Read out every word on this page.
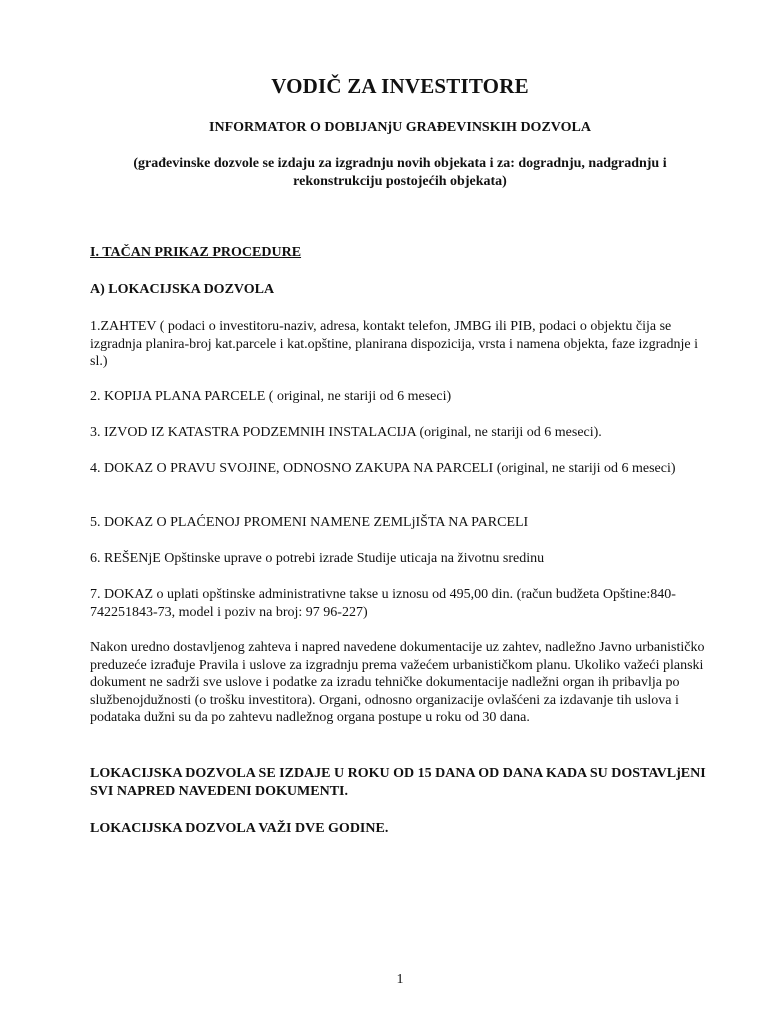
VODIČ ZA INVESTITORE
INFORMATOR O DOBIJANjU GRAĐEVINSKIH DOZVOLA
(građevinske dozvole se izdaju za izgradnju novih objekata i za: dogradnju, nadgradnju i rekonstrukciju postojećih objekata)
I. TAČAN PRIKAZ PROCEDURE
A) LOKACIJSKA DOZVOLA
1.ZAHTEV ( podaci o investitoru-naziv, adresa, kontakt telefon, JMBG ili PIB, podaci o objektu čija se izgradnja planira-broj kat.parcele i kat.opštine, planirana dispozicija, vrsta i namena objekta, faze izgradnje i sl.)
2. KOPIJA PLANA PARCELE ( original, ne stariji od 6 meseci)
3. IZVOD IZ KATASTRA PODZEMNIH INSTALACIJA (original, ne stariji od 6 meseci).
4. DOKAZ O PRAVU SVOJINE, ODNOSNO ZAKUPA NA PARCELI (original, ne stariji od 6 meseci)
5. DOKAZ O PLAĆENOJ PROMENI NAMENE ZEMLjIŠTA NA PARCELI
6. REŠENjE Opštinske uprave o potrebi izrade Studije uticaja na životnu sredinu
7. DOKAZ o uplati opštinske administrativne takse u iznosu od 495,00 din. (račun budžeta Opštine:840-742251843-73, model i poziv na broj: 97 96-227)
Nakon uredno dostavljenog zahteva i napred navedene dokumentacije uz zahtev, nadležno Javno urbanističko preduzeće izrađuje Pravila i uslove za izgradnju prema važećem urbanističkom planu. Ukoliko važeći planski dokument ne sadrži sve uslove i podatke za izradu tehničke dokumentacije nadležni organ ih pribavlja po službenojdužnosti (o trošku investitora). Organi, odnosno organizacije ovlašćeni za izdavanje tih uslova i podataka dužni su da po zahtevu nadležnog organa postupe u roku od 30 dana.
LOKACIJSKA DOZVOLA SE IZDAJE U ROKU OD 15 DANA OD DANA KADA SU DOSTAVLjENI SVI NAPRED NAVEDENI DOKUMENTI.
LOKACIJSKA DOZVOLA VAŽI DVE GODINE.
1
